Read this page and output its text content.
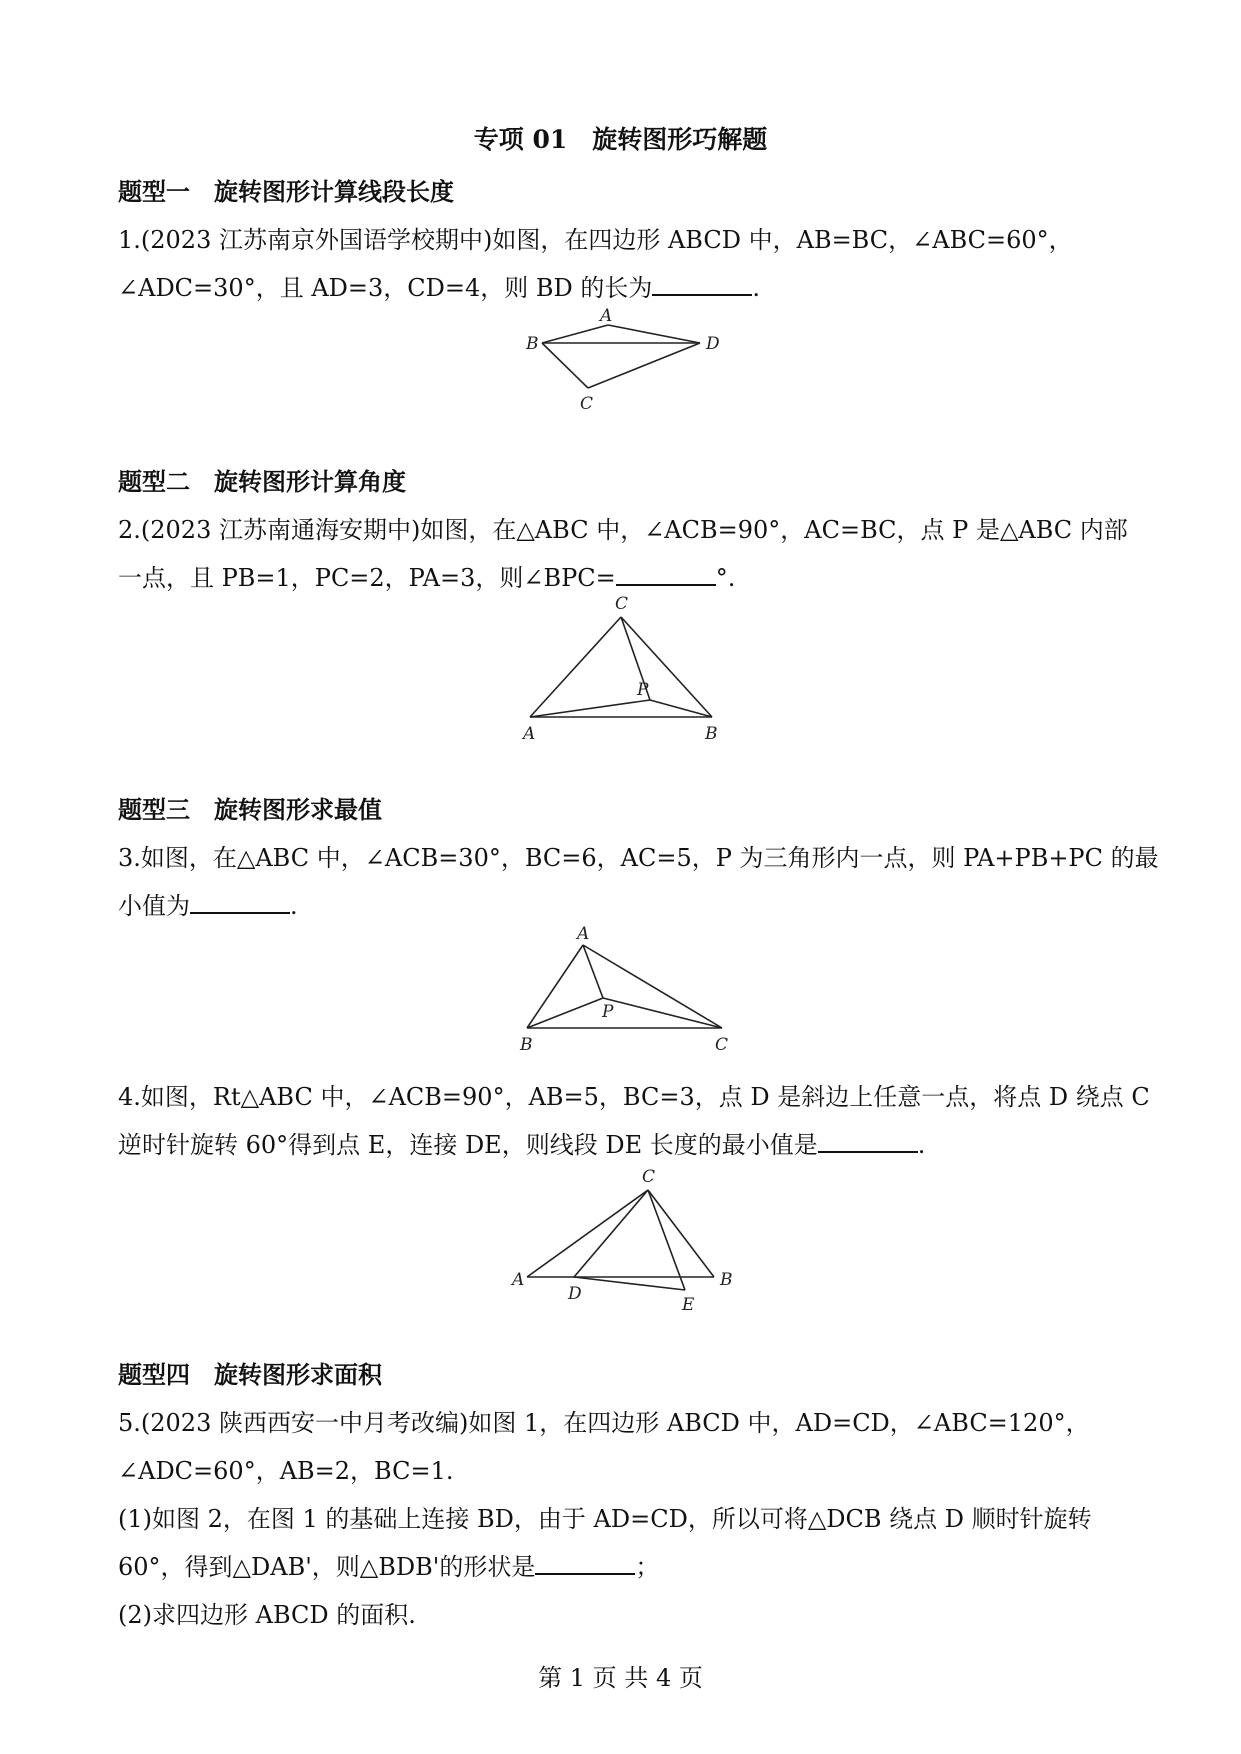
专项 01　旋转图形巧解题
题型一　旋转图形计算线段长度
1.(2023 江苏南京外国语学校期中)如图，在四边形 ABCD 中，AB=BC，∠ABC=60°，
∠ADC=30°，且 AD=3，CD=4，则 BD 的长为	.
A
B
C
D
题型二　旋转图形计算角度
2.(2023 江苏南通海安期中)如图，在△ABC 中，∠ACB=90°，AC=BC，点 P 是△ABC 内部
一点，且 PB=1，PC=2，PA=3，则∠BPC=	°.
C
A	B
P
题型三　旋转图形求最值
3.如图，在△ABC 中，∠ACB=30°，BC=6，AC=5，P 为三角形内一点，则 PA+PB+PC 的最
小值为	.
A
B	C
P
4.如图，Rt△ABC 中，∠ACB=90°，AB=5，BC=3，点 D 是斜边上任意一点，将点 D 绕点 C
逆时针旋转 60°得到点 E，连接 DE，则线段 DE 长度的最小值是	.
C
A	B
D
E
题型四　旋转图形求面积
5.(2023 陕西西安一中月考改编)如图 1，在四边形 ABCD 中，AD=CD，∠ABC=120°，
∠ADC=60°，AB=2，BC=1.
(1)如图 2，在图 1 的基础上连接 BD，由于 AD=CD，所以可将△DCB 绕点 D 顺时针旋转
60°，得到△DAB'，则△BDB'的形状是	；
(2)求四边形 ABCD 的面积.
第 1 页 共 4 页
